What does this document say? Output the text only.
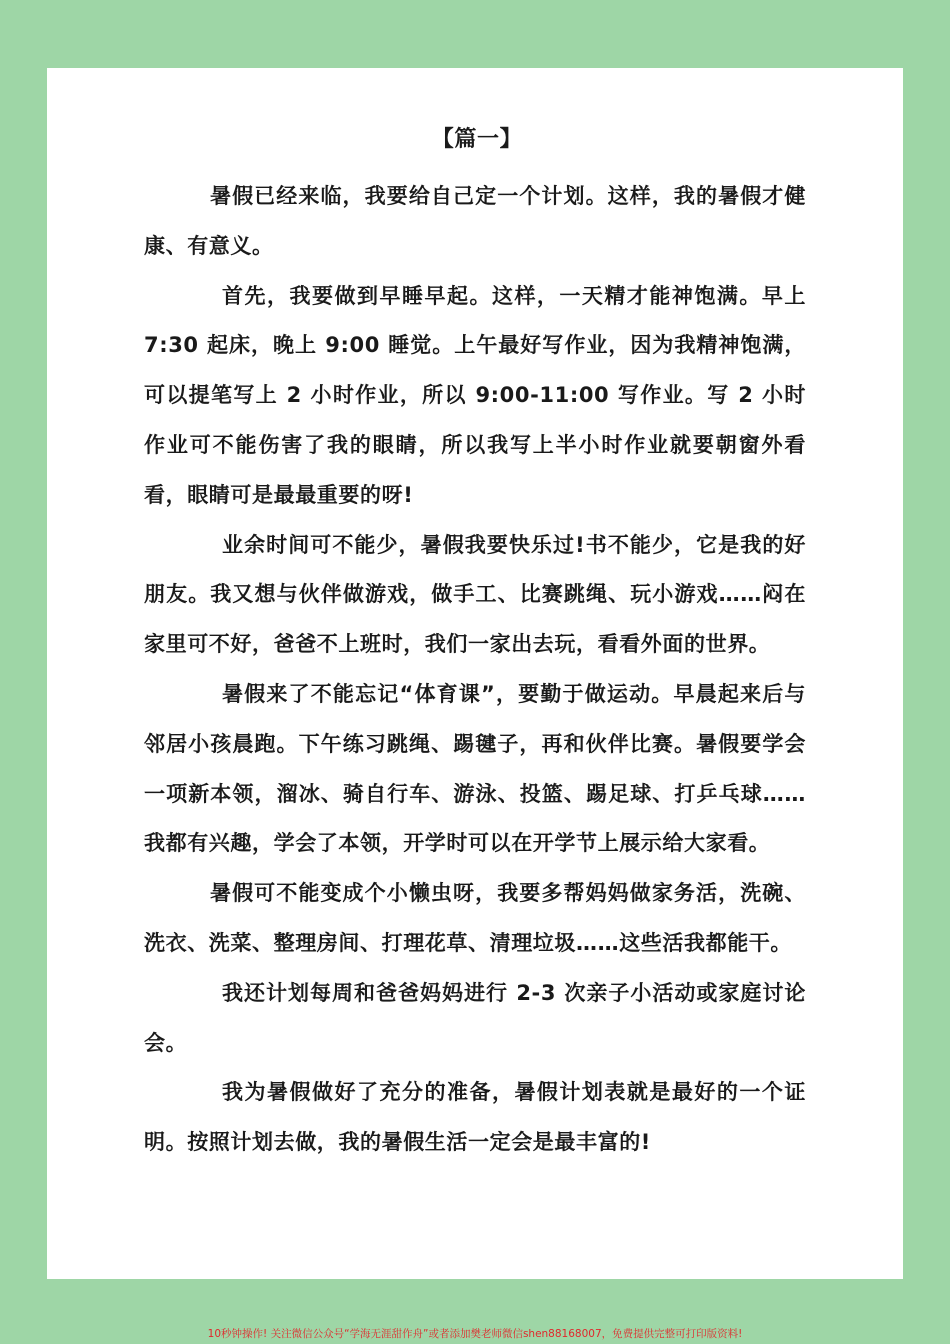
【篇一】

暑假已经来临，我要给自己定一个计划。这样，我的暑假才健康、有意义。

首先，我要做到早睡早起。这样，一天精才能神饱满。早上 7:30 起床，晚上 9:00 睡觉。上午最好写作业，因为我精神饱满，可以提笔写上 2 小时作业，所以 9:00-11:00 写作业。写 2 小时作业可不能伤害了我的眼睛，所以我写上半小时作业就要朝窗外看看，眼睛可是最最重要的呀!

业余时间可不能少，暑假我要快乐过!书不能少，它是我的好朋友。我又想与伙伴做游戏，做手工、比赛跳绳、玩小游戏……闷在家里可不好，爸爸不上班时，我们一家出去玩，看看外面的世界。

暑假来了不能忘记“体育课”，要勤于做运动。早晨起来后与邻居小孩晨跑。下午练习跳绳、踢毽子，再和伙伴比赛。暑假要学会一项新本领，溜冰、骑自行车、游泳、投篮、踢足球、打乒乓球……我都有兴趣，学会了本领，开学时可以在开学节上展示给大家看。

暑假可不能变成个小懒虫呀，我要多帮妈妈做家务活，洗碗、洗衣、洗菜、整理房间、打理花草、清理垃圾……这些活我都能干。

我还计划每周和爸爸妈妈进行 2-3 次亲子小活动或家庭讨论会。

我为暑假做好了充分的准备，暑假计划表就是最好的一个证明。按照计划去做，我的暑假生活一定会是最丰富的!

10秒钟操作! 关注微信公众号“学海无涯甜作舟”或者添加樊老师微信shen88168007，免费提供完整可打印版资料!
